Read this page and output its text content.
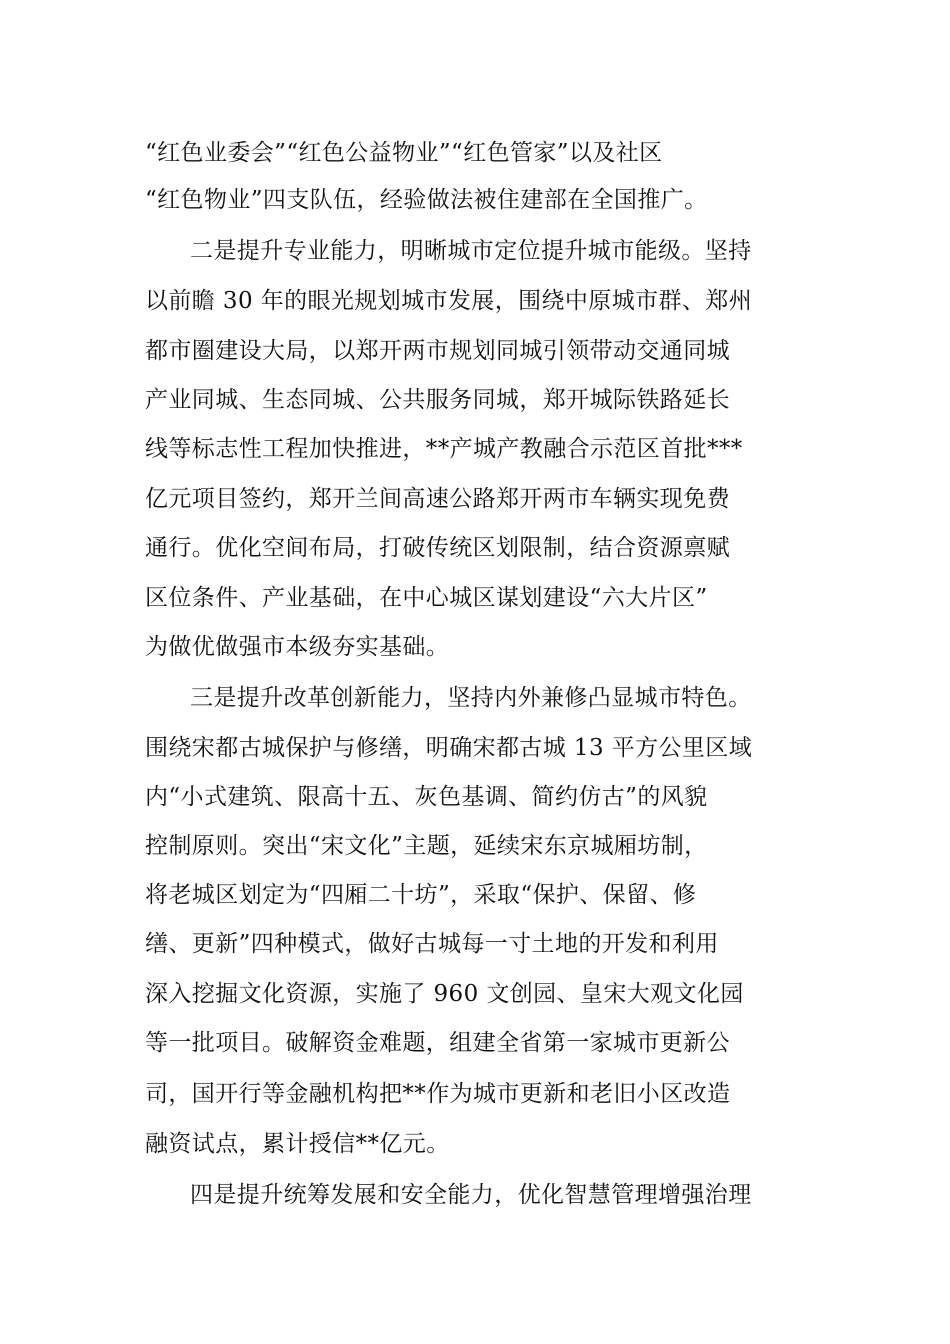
“红色业委会”“红色公益物业”“红色管家”以及社区
“红色物业”四支队伍，经验做法被住建部在全国推广。
二是提升专业能力，明晰城市定位提升城市能级。坚持
以前瞻 30 年的眼光规划城市发展，围绕中原城市群、郑州
都市圈建设大局，以郑开两市规划同城引领带动交通同城
产业同城、生态同城、公共服务同城，郑开城际铁路延长
线等标志性工程加快推进，**产城产教融合示范区首批***
亿元项目签约，郑开兰间高速公路郑开两市车辆实现免费
通行。优化空间布局，打破传统区划限制，结合资源禀赋
区位条件、产业基础，在中心城区谋划建设“六大片区”
为做优做强市本级夯实基础。
三是提升改革创新能力，坚持内外兼修凸显城市特色。
围绕宋都古城保护与修缮，明确宋都古城 13 平方公里区域
内“小式建筑、限高十五、灰色基调、简约仿古”的风貌
控制原则。突出“宋文化”主题，延续宋东京城厢坊制，
将老城区划定为“四厢二十坊”，采取“保护、保留、修
缮、更新”四种模式，做好古城每一寸土地的开发和利用
深入挖掘文化资源，实施了 960 文创园、皇宋大观文化园
等一批项目。破解资金难题，组建全省第一家城市更新公
司，国开行等金融机构把**作为城市更新和老旧小区改造
融资试点，累计授信**亿元。
四是提升统筹发展和安全能力，优化智慧管理增强治理
